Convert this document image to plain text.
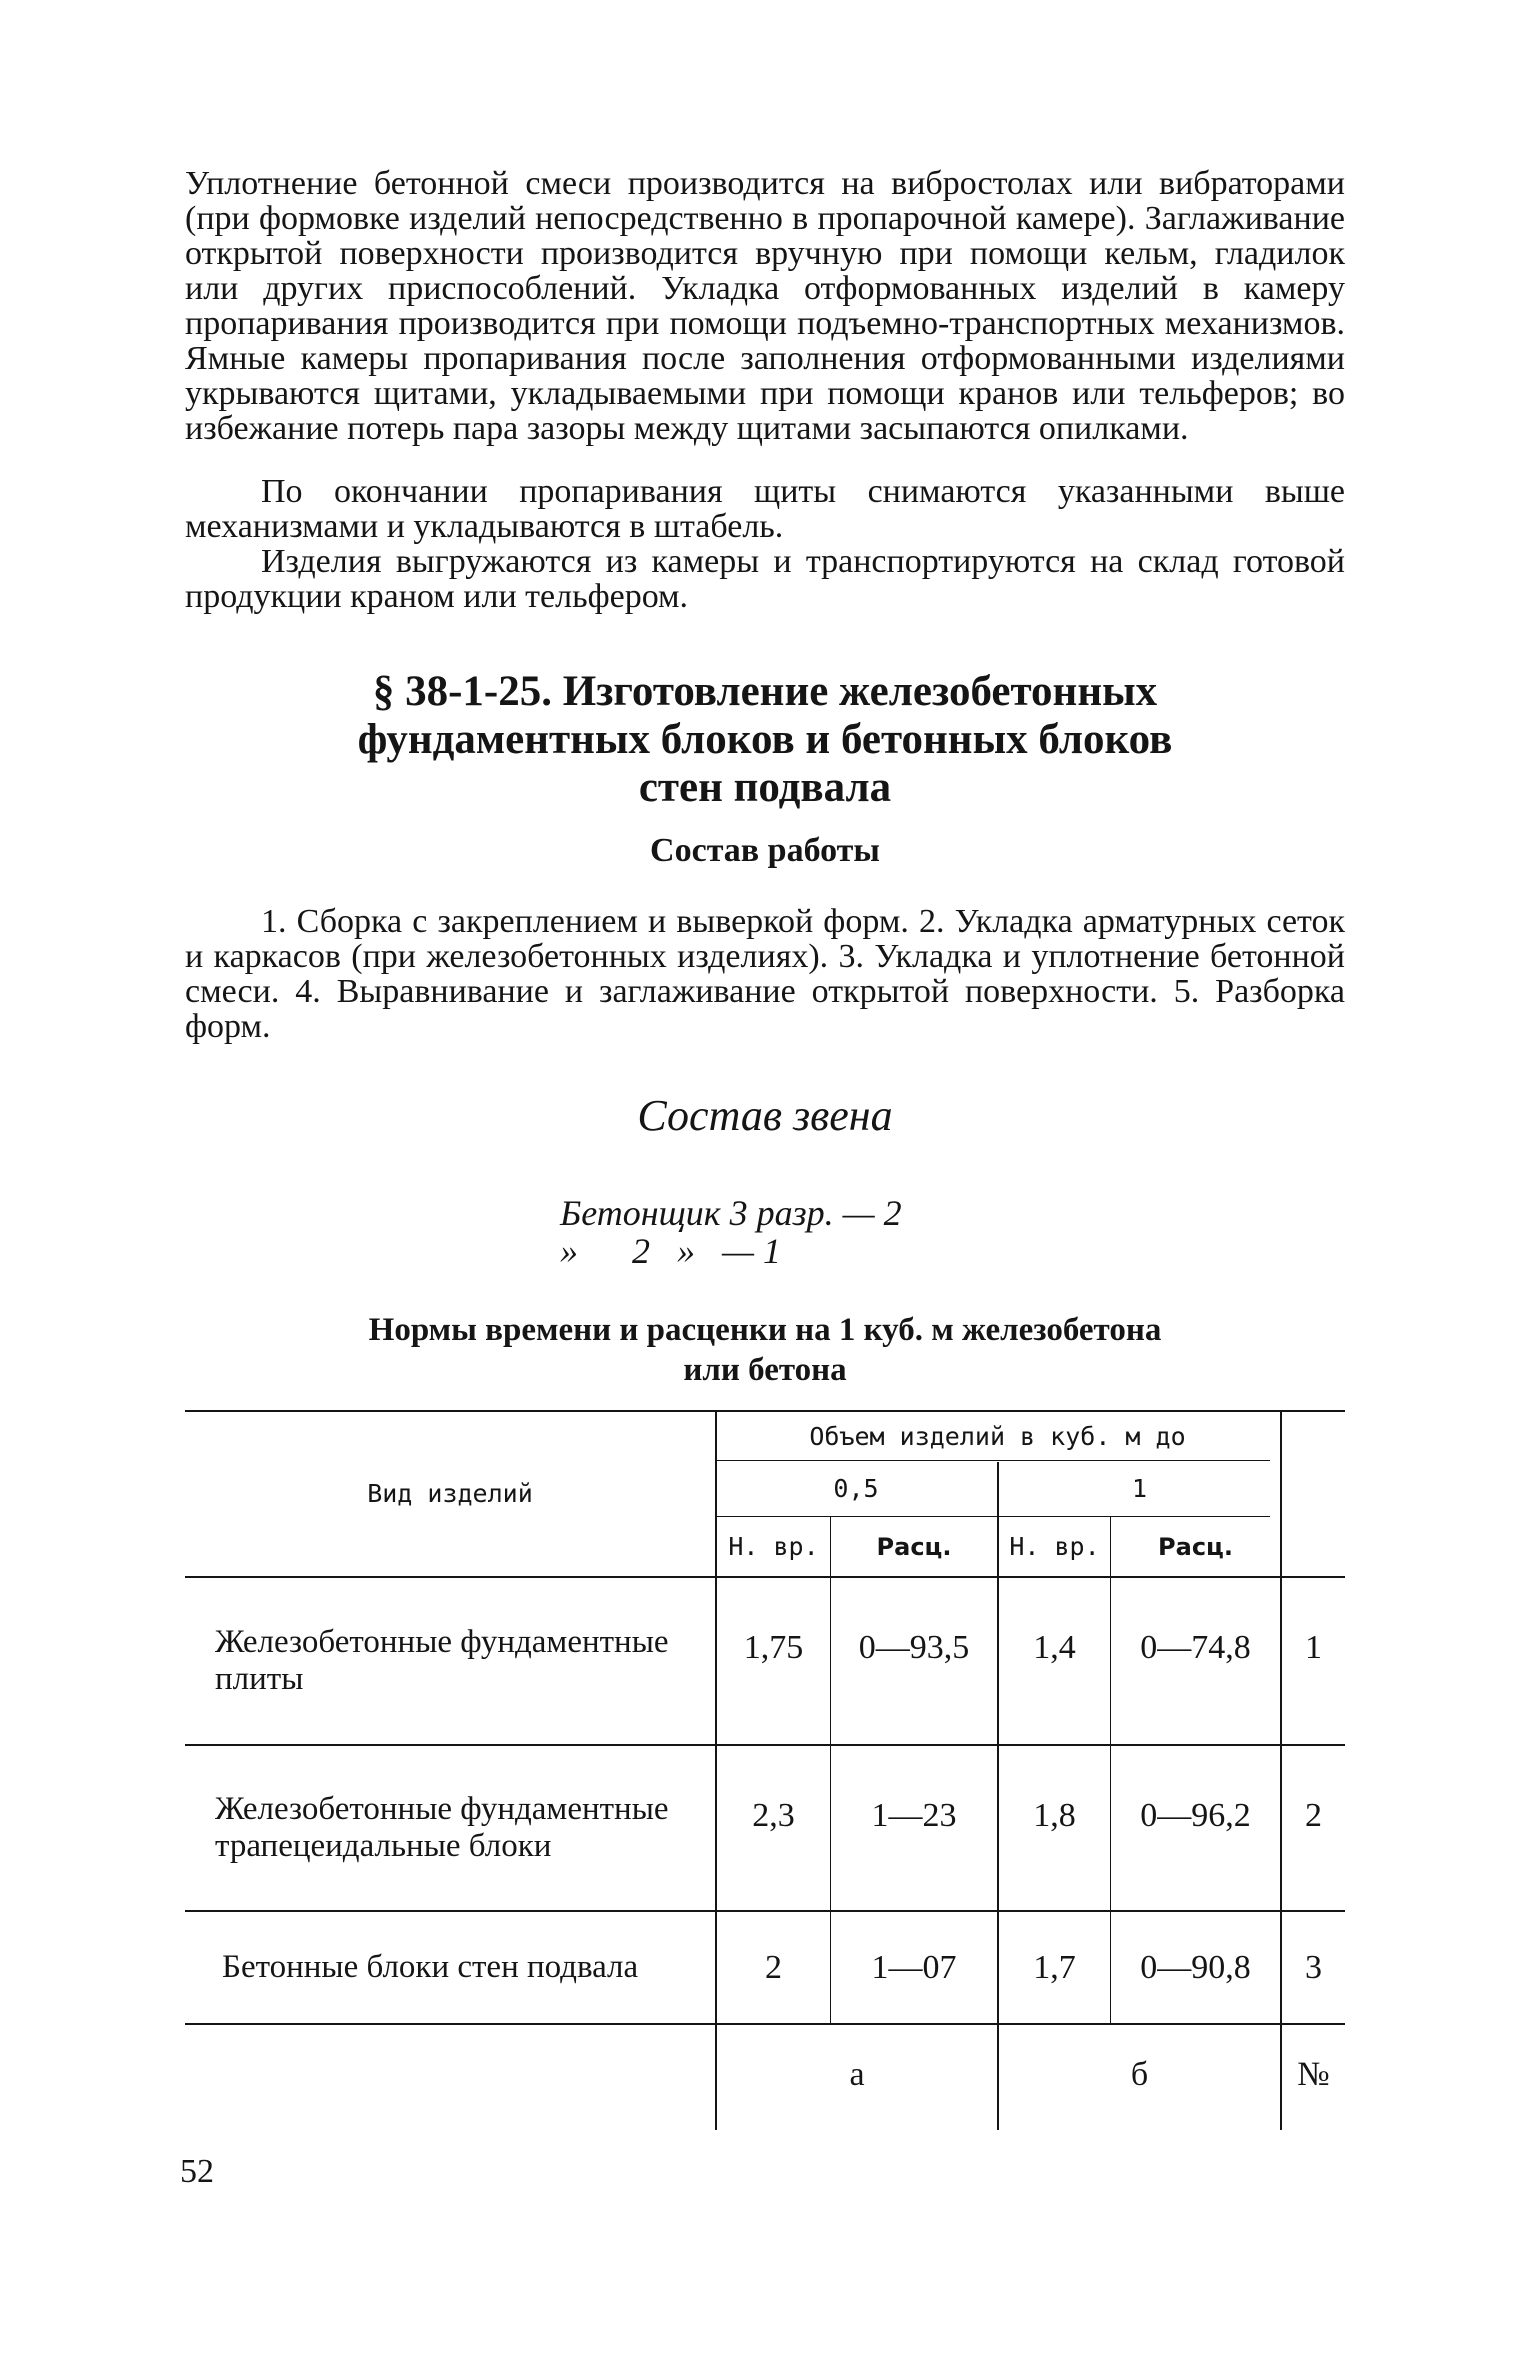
Уплотнение бетонной смеси производится на вибростолах или вибраторами (при формовке изделий непосредственно в пропарочной камере). Заглаживание открытой поверхности производится вручную при помощи кельм, гладилок или других приспособлений. Укладка отформованных изделий в камеру пропаривания производится при помощи подъемно-транспортных механизмов. Ямные камеры пропаривания после заполнения отформованными изделиями укрываются щитами, укладываемыми при помощи кранов или тельферов; во избежание потерь пара зазоры между щитами засыпаются опилками.

По окончании пропаривания щиты снимаются указанными выше механизмами и укладываются в штабель.

Изделия выгружаются из камеры и транспортируются на склад готовой продукции краном или тельфером.

§ 38-1-25. Изготовление железобетонных
фундаментных блоков и бетонных блоков
стен подвала
Состав работы

1. Сборка с закреплением и выверкой форм. 2. Укладка арматурных сеток и каркасов (при железобетонных изделиях). 3. Укладка и уплотнение бетонной смеси. 4. Выравнивание и заглаживание открытой поверхности. 5. Разборка форм.

Состав звена
Бетонщик 3 разр. — 2
»      2   »   — 1
Нормы времени и расценки на 1 куб. м железобетона
или бетона
Вид изделий
Объем изделий в куб. м до
0,5	1
Н. вр.	Расц.	Н. вр.	Расц.
Железобетонные фундаментные плиты
1,75	0—93,5	1,4	0—74,8	1
Железобетонные фундаментные трапецеидальные блоки
2,3	1—23	1,8	0—96,2	2
Бетонные блоки стен подвала	2	1—07	1,7	0—90,8	3
а	б	№
52
